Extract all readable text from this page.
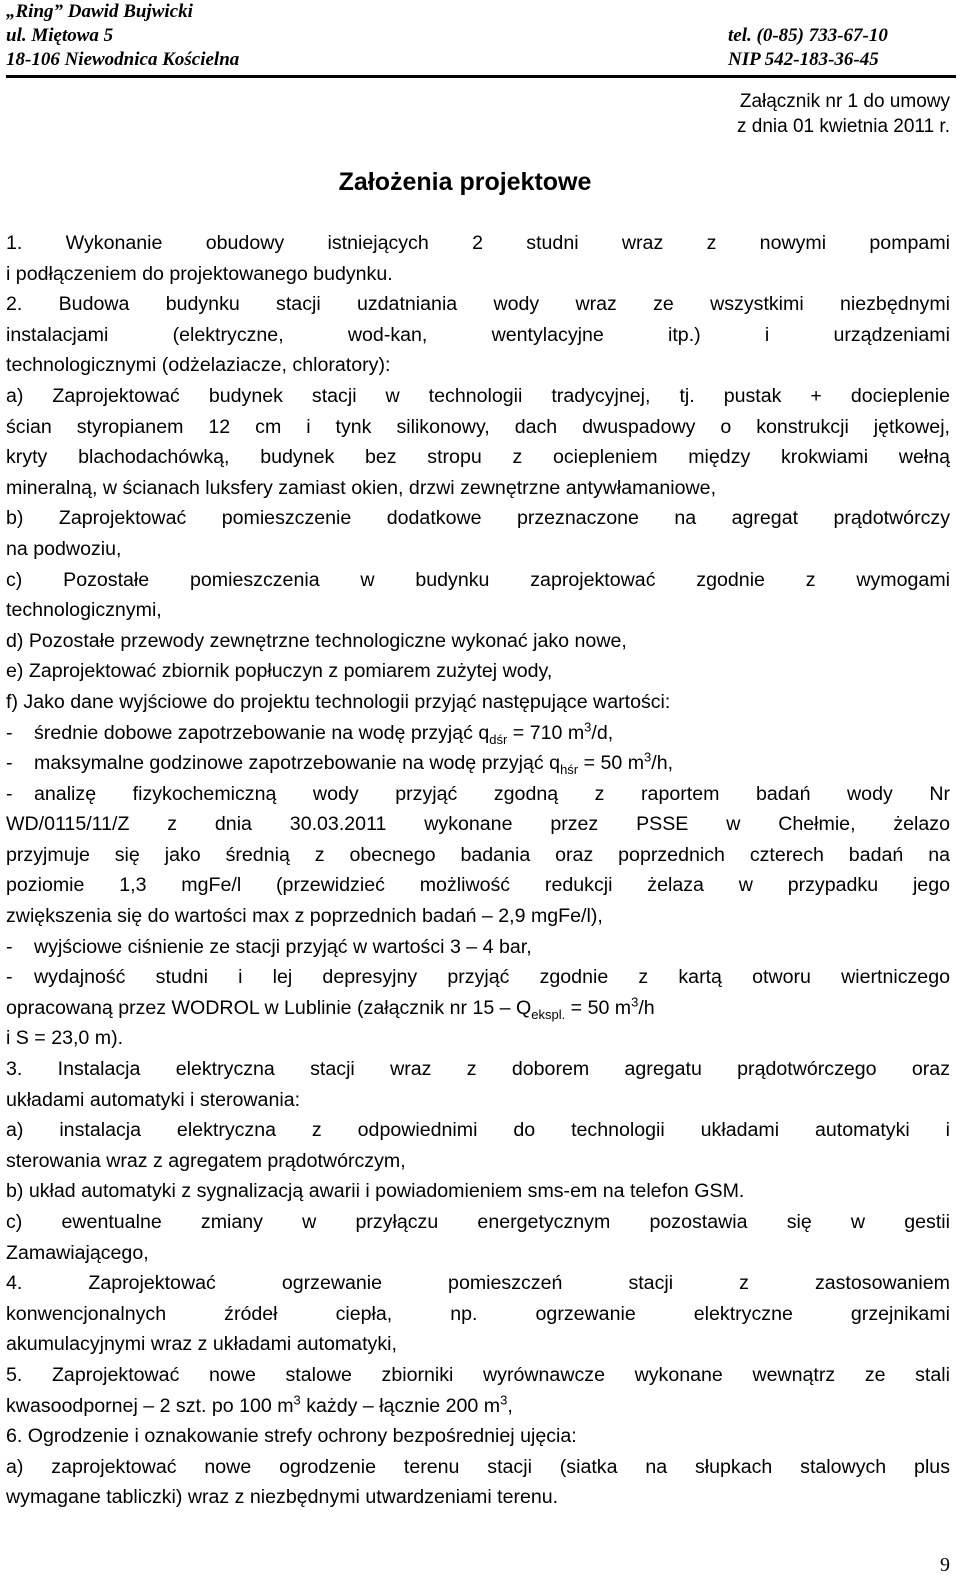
„Ring” Dawid Bujwicki
ul. Miętowa 5	tel. (0-85) 733-67-10
18-106 Niewodnica Kościelna	NIP 542-183-36-45
Załącznik nr 1 do umowy
z dnia 01 kwietnia 2011 r.
Założenia projektowe
1. Wykonanie obudowy istniejących 2 studni wraz z nowymi pompami
i podłączeniem do projektowanego budynku.
2. Budowa budynku stacji uzdatniania wody wraz ze wszystkimi niezbędnymi
instalacjami (elektryczne, wod-kan, wentylacyjne itp.) i urządzeniami
technologicznymi (odżelaziacze, chloratory):
a) Zaprojektować budynek stacji w technologii tradycyjnej, tj. pustak + docieplenie
ścian styropianem 12 cm i tynk silikonowy, dach dwuspadowy o konstrukcji jętkowej,
kryty blachodachówką, budynek bez stropu z ociepleniem między krokwiami wełną
mineralną, w ścianach luksfery zamiast okien, drzwi zewnętrzne antywłamaniowe,
b) Zaprojektować pomieszczenie dodatkowe przeznaczone na agregat prądotwórczy
na podwoziu,
c) Pozostałe pomieszczenia w budynku zaprojektować zgodnie z wymogami
technologicznymi,
d) Pozostałe przewody zewnętrzne technologiczne wykonać jako nowe,
e) Zaprojektować zbiornik popłuczyn z pomiarem zużytej wody,
f) Jako dane wyjściowe do projektu technologii przyjąć następujące wartości:
- średnie dobowe zapotrzebowanie na wodę przyjąć $q_{dśr} = 710$ $m^3/d$,
- maksymalne godzinowe zapotrzebowanie na wodę przyjąć $q_{hśr} = 50$ $m^3/h$,
- analizę fizykochemiczną wody przyjąć zgodną z raportem badań wody Nr
WD/0115/11/Z z dnia 30.03.2011 wykonane przez PSSE w Chełmie, żelazo
przyjmuje się jako średnią z obecnego badania oraz poprzednich czterech badań na
poziomie 1,3 mgFe/l (przewidzieć możliwość redukcji żelaza w przypadku jego
zwiększenia się do wartości max z poprzednich badań – 2,9 mgFe/l),
- wyjściowe ciśnienie ze stacji przyjąć w wartości 3 – 4 bar,
- wydajność studni i lej depresyjny przyjąć zgodnie z kartą otworu wiertniczego
opracowaną przez WODROL w Lublinie (załącznik nr $15 - Q_{ekspl.} = 50$ $m^3/h$
i S = 23,0 m).
3. Instalacja elektryczna stacji wraz z doborem agregatu prądotwórczego oraz
układami automatyki i sterowania:
a) instalacja elektryczna z odpowiednimi do technologii układami automatyki i
sterowania wraz z agregatem prądotwórczym,
b) układ automatyki z sygnalizacją awarii i powiadomieniem sms-em na telefon GSM.
c) ewentualne zmiany w przyłączu energetycznym pozostawia się w gestii
Zamawiającego,
4. Zaprojektować ogrzewanie pomieszczeń stacji z zastosowaniem
konwencjonalnych źródeł ciepła, np. ogrzewanie elektryczne grzejnikami
akumulacyjnymi wraz z układami automatyki,
5. Zaprojektować nowe stalowe zbiorniki wyrównawcze wykonane wewnątrz ze stali
kwasoodpornej – 2 szt. po 100 $m^3$ każdy – łącznie 200 $m^3$,
6. Ogrodzenie i oznakowanie strefy ochrony bezpośredniej ujęcia:
a) zaprojektować nowe ogrodzenie terenu stacji (siatka na słupkach stalowych plus
wymagane tabliczki) wraz z niezbędnymi utwardzeniami terenu.
9
